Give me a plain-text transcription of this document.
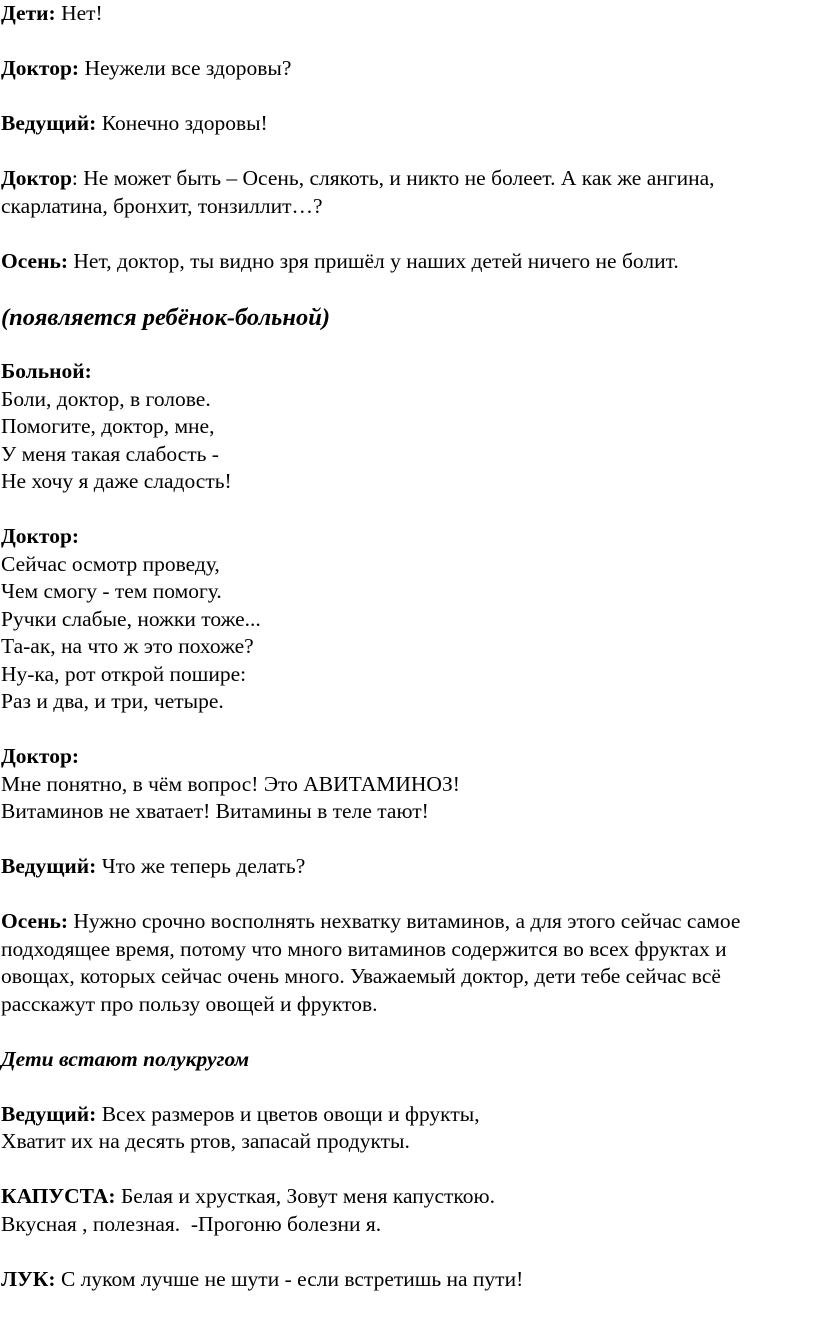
Дети: Нет!

Доктор: Неужели все здоровы?

Ведущий: Конечно здоровы!

Доктор: Не может быть – Осень, слякоть, и никто не болеет. А как же ангина, скарлатина, бронхит, тонзиллит…?

Осень: Нет, доктор, ты видно зря пришёл у наших детей ничего не болит.

(появляется ребёнок-больной)

Больной:

Боли, доктор, в голове.

Помогите, доктор, мне,

У меня такая слабость -

Не хочу я даже сладость!

Доктор:

Сейчас осмотр проведу,

Чем смогу - тем помогу.

Ручки слабые, ножки тоже...

Та-ак, на что ж это похоже?

Ну-ка, рот открой пошире:

Раз и два, и три, четыре.

Доктор:

Мне понятно, в чём вопрос! Это АВИТАМИНОЗ!

Витаминов не хватает! Витамины в теле тают!

Ведущий: Что же теперь делать?

Осень: Нужно срочно восполнять нехватку витаминов, а для этого сейчас самое подходящее время, потому что много витаминов содержится во всех фруктах и овощах, которых сейчас очень много. Уважаемый доктор, дети тебе сейчас всё расскажут про пользу овощей и фруктов.

Дети встают полукругом

Ведущий: Всех размеров и цветов овощи и фрукты,

Хватит их на десять ртов, запасай продукты.

КАПУСТА: Белая и хрусткая, Зовут меня капусткою.

Вкусная , полезная.  -Прогоню болезни я.

ЛУК: С луком лучше не шути - если встретишь на пути!
